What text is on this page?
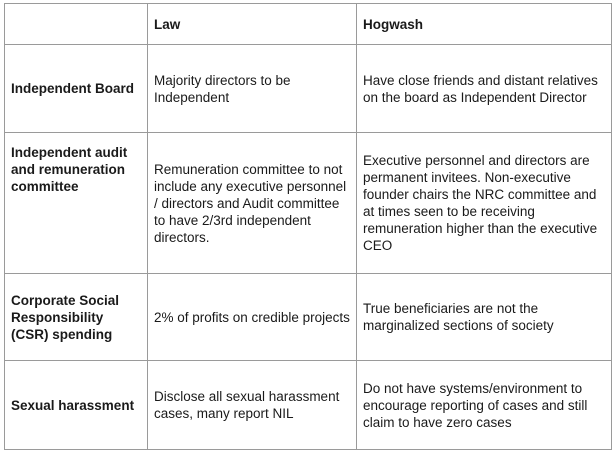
	Law	Hogwash
Independent Board	Majority directors to be Independent	Have close friends and distant relatives on the board as Independent Director
Independent audit and remuneration committee	Remuneration committee to not include any executive personnel / directors and Audit committee to have 2/3rd independent directors.	Executive personnel and directors are permanent invitees. Non-executive founder chairs the NRC committee and at times seen to be receiving remuneration higher than the executive CEO
Corporate Social Responsibility (CSR) spending	2% of profits on credible projects	True beneficiaries are not the marginalized sections of society
Sexual harassment	Disclose all sexual harassment cases, many report NIL	Do not have systems/environment to encourage reporting of cases and still claim to have zero cases
